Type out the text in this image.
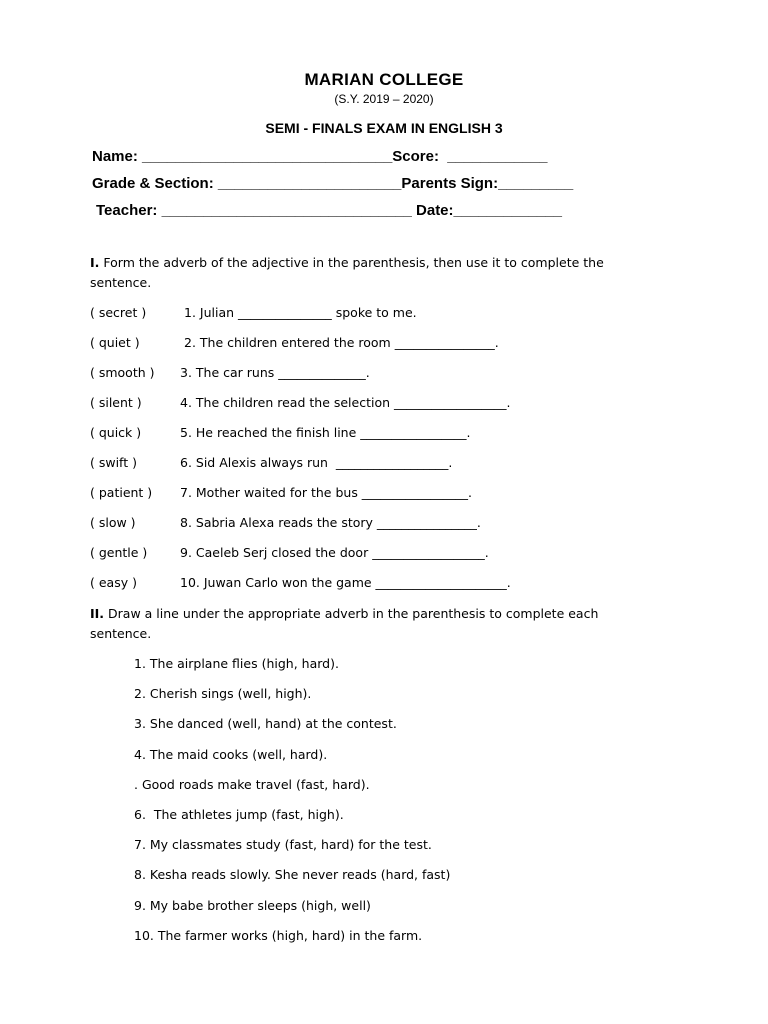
MARIAN COLLEGE
(S.Y. 2019 – 2020)
SEMI - FINALS EXAM IN ENGLISH 3
Name: ______________________________Score:  ____________
Grade & Section: ______________________Parents Sign:_________
Teacher: ______________________________ Date:_____________
I. Form the adverb of the adjective in the parenthesis, then use it to complete the
sentence.
( secret )	1. Julian _______________ spoke to me.
( quiet )	2. The children entered the room ________________.
( smooth ) 3. The car runs ______________.
( silent )	4. The children read the selection __________________.
( quick )	5. He reached the finish line _________________.
( swift )	6. Sid Alexis always run  __________________.
( patient ) 7. Mother waited for the bus _________________.
( slow )	8. Sabria Alexa reads the story ________________.
( gentle )	9. Caeleb Serj closed the door __________________.
( easy )	10. Juwan Carlo won the game _____________________.
II. Draw a line under the appropriate adverb in the parenthesis to complete each
sentence.
1. The airplane flies (high, hard).
2. Cherish sings (well, high).
3. She danced (well, hand) at the contest.
4. The maid cooks (well, hard).
. Good roads make travel (fast, hard).
6.  The athletes jump (fast, high).
7. My classmates study (fast, hard) for the test.
8. Kesha reads slowly. She never reads (hard, fast)
9. My babe brother sleeps (high, well)
10. The farmer works (high, hard) in the farm.
